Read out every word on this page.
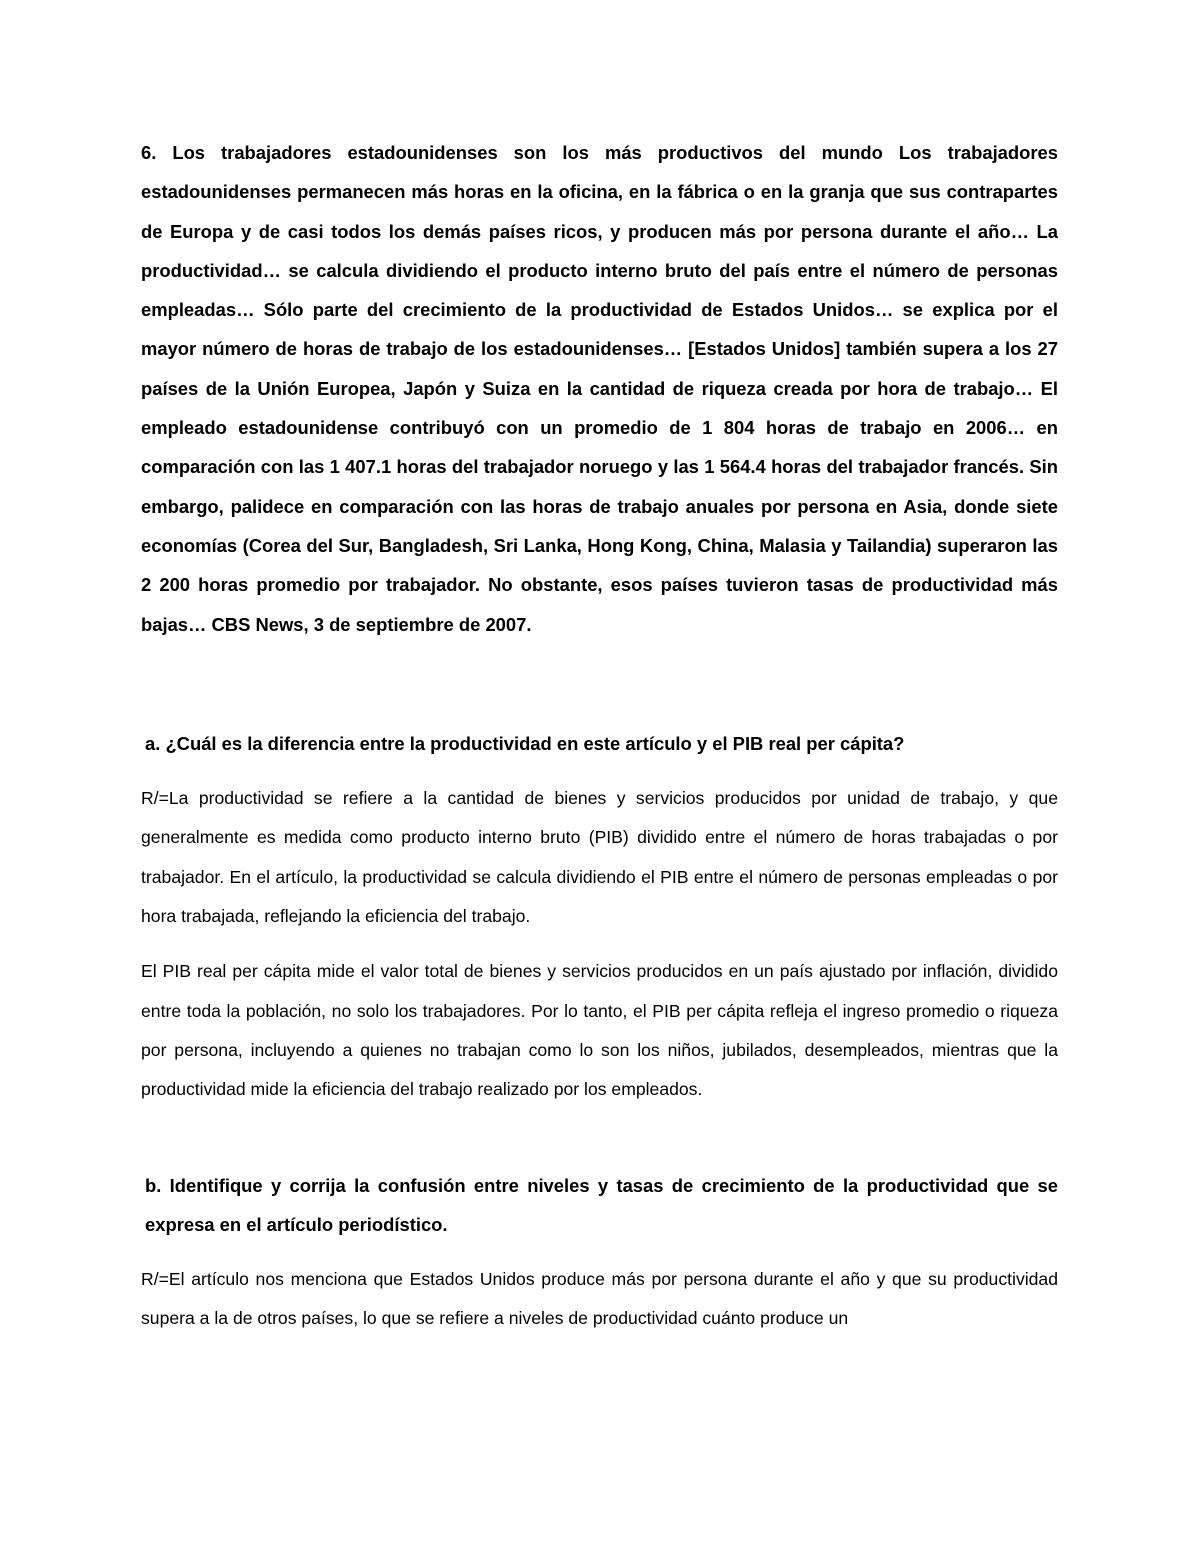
6. Los trabajadores estadounidenses son los más productivos del mundo Los trabajadores estadounidenses permanecen más horas en la oficina, en la fábrica o en la granja que sus contrapartes de Europa y de casi todos los demás países ricos, y producen más por persona durante el año… La productividad… se calcula dividiendo el producto interno bruto del país entre el número de personas empleadas… Sólo parte del crecimiento de la productividad de Estados Unidos… se explica por el mayor número de horas de trabajo de los estadounidenses… [Estados Unidos] también supera a los 27 países de la Unión Europea, Japón y Suiza en la cantidad de riqueza creada por hora de trabajo… El empleado estadounidense contribuyó con un promedio de 1 804 horas de trabajo en 2006… en comparación con las 1 407.1 horas del trabajador noruego y las 1 564.4 horas del trabajador francés. Sin embargo, palidece en comparación con las horas de trabajo anuales por persona en Asia, donde siete economías (Corea del Sur, Bangladesh, Sri Lanka, Hong Kong, China, Malasia y Tailandia) superaron las 2 200 horas promedio por trabajador. No obstante, esos países tuvieron tasas de productividad más bajas… CBS News, 3 de septiembre de 2007.

a. ¿Cuál es la diferencia entre la productividad en este artículo y el PIB real per cápita?

R/=La productividad se refiere a la cantidad de bienes y servicios producidos por unidad de trabajo, y que generalmente es medida como producto interno bruto (PIB) dividido entre el número de horas trabajadas o por trabajador. En el artículo, la productividad se calcula dividiendo el PIB entre el número de personas empleadas o por hora trabajada, reflejando la eficiencia del trabajo.

El PIB real per cápita mide el valor total de bienes y servicios producidos en un país ajustado por inflación, dividido entre toda la población, no solo los trabajadores. Por lo tanto, el PIB per cápita refleja el ingreso promedio o riqueza por persona, incluyendo a quienes no trabajan como lo son los niños, jubilados, desempleados, mientras que la productividad mide la eficiencia del trabajo realizado por los empleados.

b. Identifique y corrija la confusión entre niveles y tasas de crecimiento de la productividad que se expresa en el artículo periodístico.

R/=El artículo nos menciona que Estados Unidos produce más por persona durante el año y que su productividad supera a la de otros países, lo que se refiere a niveles de productividad cuánto produce un
